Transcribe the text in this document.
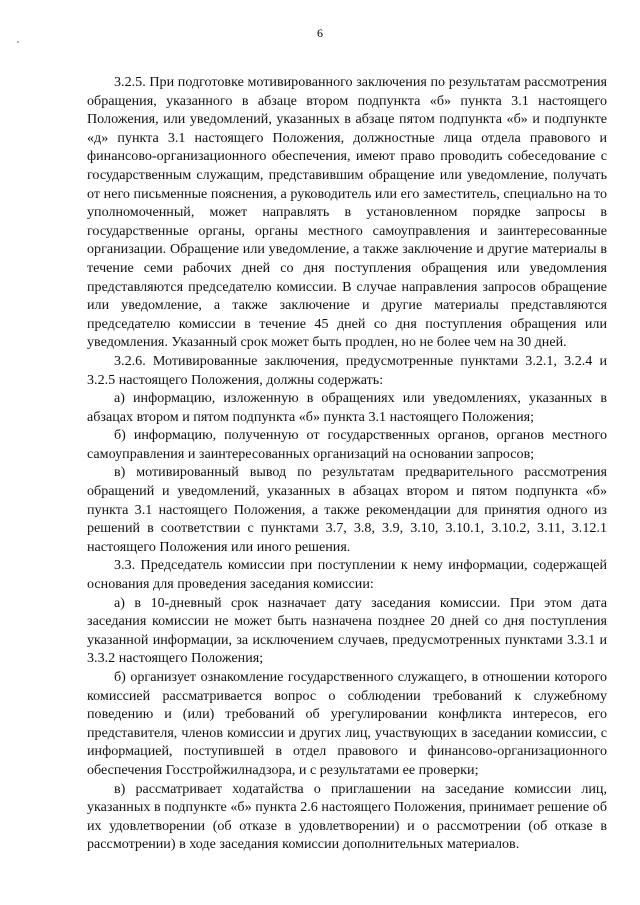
6

3.2.5. При подготовке мотивированного заключения по результатам рассмотрения обращения, указанного в абзаце втором подпункта «б» пункта 3.1 настоящего Положения, или уведомлений, указанных в абзаце пятом подпункта «б» и подпункте «д» пункта 3.1 настоящего Положения, должностные лица отдела правового и финансово-организационного обеспечения, имеют право проводить собеседование с государственным служащим, представившим обращение или уведомление, получать от него письменные пояснения, а руководитель или его заместитель, специально на то уполномоченный, может направлять в установленном порядке запросы в государственные органы, органы местного самоуправления и заинтересованные организации. Обращение или уведомление, а также заключение и другие материалы в течение семи рабочих дней со дня поступления обращения или уведомления представляются председателю комиссии. В случае направления запросов обращение или уведомление, а также заключение и другие материалы представляются председателю комиссии в течение 45 дней со дня поступления обращения или уведомления. Указанный срок может быть продлен, но не более чем на 30 дней.

3.2.6. Мотивированные заключения, предусмотренные пунктами 3.2.1, 3.2.4 и 3.2.5 настоящего Положения, должны содержать:

а) информацию, изложенную в обращениях или уведомлениях, указанных в абзацах втором и пятом подпункта «б» пункта 3.1 настоящего Положения;

б) информацию, полученную от государственных органов, органов местного самоуправления и заинтересованных организаций на основании запросов;

в) мотивированный вывод по результатам предварительного рассмотрения обращений и уведомлений, указанных в абзацах втором и пятом подпункта «б» пункта 3.1 настоящего Положения, а также рекомендации для принятия одного из решений в соответствии с пунктами 3.7, 3.8, 3.9, 3.10, 3.10.1, 3.10.2, 3.11, 3.12.1 настоящего Положения или иного решения.

3.3. Председатель комиссии при поступлении к нему информации, содержащей основания для проведения заседания комиссии:

а) в 10-дневный срок назначает дату заседания комиссии. При этом дата заседания комиссии не может быть назначена позднее 20 дней со дня поступления указанной информации, за исключением случаев, предусмотренных пунктами 3.3.1 и 3.3.2 настоящего Положения;

б) организует ознакомление государственного служащего, в отношении которого комиссией рассматривается вопрос о соблюдении требований к служебному поведению и (или) требований об урегулировании конфликта интересов, его представителя, членов комиссии и других лиц, участвующих в заседании комиссии, с информацией, поступившей в отдел правового и финансово-организационного обеспечения Госстройжилнадзора, и с результатами ее проверки;

в) рассматривает ходатайства о приглашении на заседание комиссии лиц, указанных в подпункте «б» пункта 2.6 настоящего Положения, принимает решение об их удовлетворении (об отказе в удовлетворении) и о рассмотрении (об отказе в рассмотрении) в ходе заседания комиссии дополнительных материалов.
